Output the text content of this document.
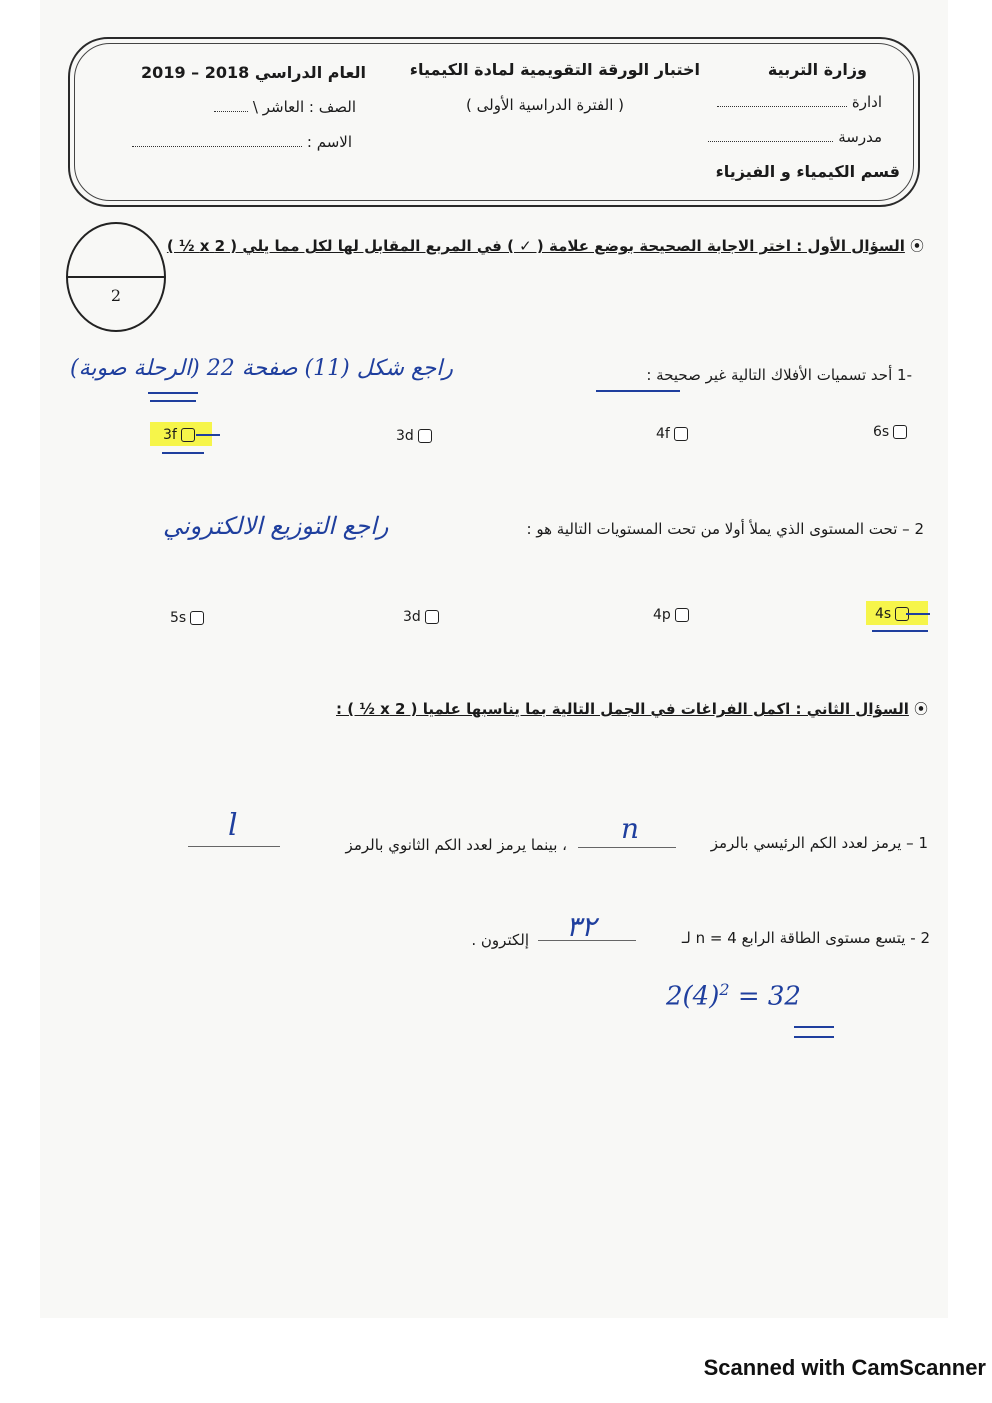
وزارة التربية
ادارة
مدرسة
قسم الكيمياء و الفيزياء
اختبار الورقة التقويمية لمادة الكيمياء
( الفترة الدراسية الأولى )
العام الدراسي 2018 – 2019
الصف : العاشر \
الاسم :
2
⦿ السؤال الأول : اختر الاجابة الصحيحة بوضع علامة ( ✓ ) في المربع المقابل لها لكل مما يلي ( 2 x ½ )
-1 أحد تسميات الأفلاك التالية غير صحيحة :
راجع شكل (11) صفحة 22 (الرحلة صوبة)
6s
4f
3d
3f
2 – تحت المستوى الذي يملأ أولا من تحت المستويات التالية هو :
راجع التوزيع الالكتروني
4s
4p
3d
5s
⦿ السؤال الثاني : اكمل الفراغات في الجمل التالية بما يناسبها علميا ( 2 x ½ ) :
1 – يرمز لعدد الكم الرئيسي بالرمز
n
، بينما يرمز لعدد الكم الثانوي بالرمز
l
2 - يتسع مستوى الطاقة الرابع n = 4 لـ
٣٢
إلكترون .
$2(4)^2 = 32$
Scanned with CamScanner
